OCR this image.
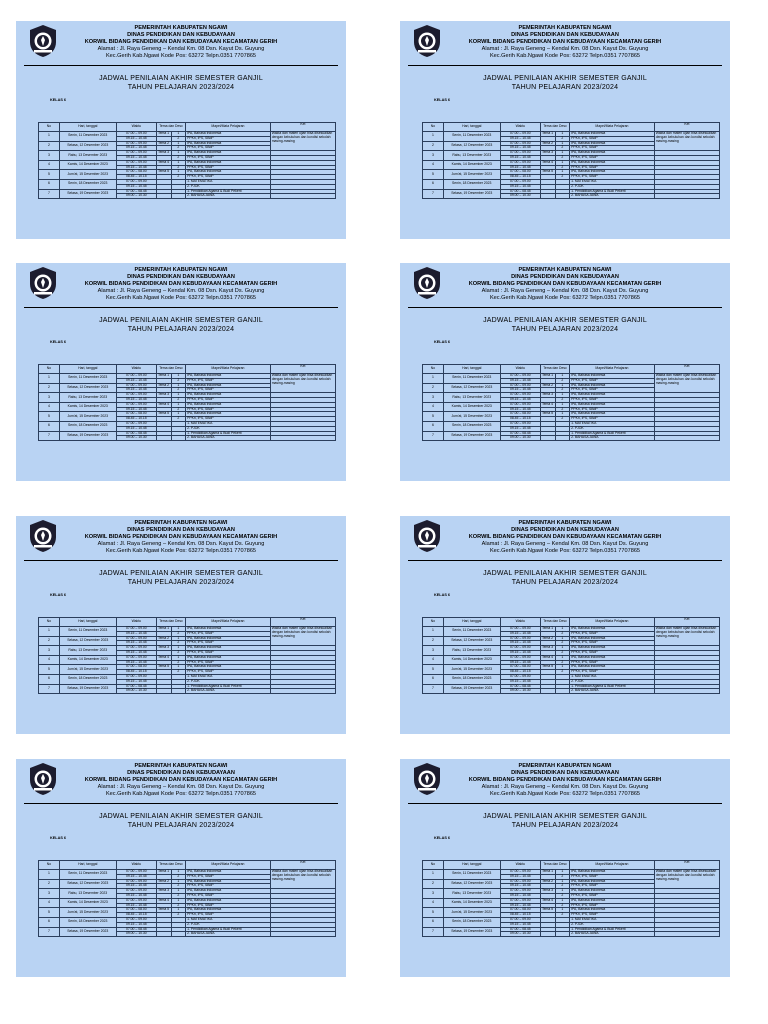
PEMERINTAH KABUPATEN NGAWI
DINAS PENDIDIKAN DAN KEBUDAYAAN
KORWIL BIDANG PENDIDIKAN DAN KEBUDAYAAN KECAMATAN GERIH
Alamat : Jl. Raya Geneng – Kendal Km. 08 Dsn. Kayut Ds. Guyung
Kec.Gerih Kab.Ngawi Kode Pos: 63272 Telpn.0351 7707865
JADWAL PENILAIAN AKHIR SEMESTER GANJIL
TAHUN PELAJARAN 2023/2024
KELAS 6
No	Hari, tanggal	Waktu	Tema dan Desc		Mapel/Mata Pelajaran	Ket
1	Senin, 11 Desember 2023	07.00 – 09.00	Tema 1	1	IPA, Bahasa Indonesia	Wakta dan materi ujian bisa disesuaikan dengan kebutuhan dan kondisi sekolah masing-masing
		09.15 – 10.45		2	PPKn, IPS, SBdP	
2	Selasa, 12 Desember 2023	07.00 – 09.00	Tema 2	1	IPA, Bahasa Indonesia	
		09.15 – 10.45		2	PPKn, IPS, SBdP	
3	Rabu, 13 Desember 2023	07.00 – 09.00	Tema 3	1	IPA, Bahasa Indonesia	
		09.15 – 10.45		2	PPKn, IPS, SBdP	
4	Kamis, 14 Desember 2023	07.00 – 09.00	Tema 4	1	IPA, Bahasa Indonesia	
		09.15 – 10.45		2	PPKn, IPS, SBdP	
5	Jum'at, 15 Desember 2023	07.00 – 08.00	Tema 5	1	IPA, Bahasa Indonesia	
		08.45 – 10.15		2	PPKn, IPS, SBdP	
6	Senin, 18 Desember 2023	07.00 – 09.00			1. MATEMATIKA	
		09.15 – 10.45			2. PJOK	
7	Selasa, 19 Desember 2023	07.00 – 08.45			1. Pendidikan Agama & Budi Pekerti	
		09.00 – 10.30			2. BAHASA JAWA	
PEMERINTAH KABUPATEN NGAWI
DINAS PENDIDIKAN DAN KEBUDAYAAN
KORWIL BIDANG PENDIDIKAN DAN KEBUDAYAAN KECAMATAN GERIH
Alamat : Jl. Raya Geneng – Kendal Km. 08 Dsn. Kayut Ds. Guyung
Kec.Gerih Kab.Ngawi Kode Pos: 63272 Telpn.0351 7707865
JADWAL PENILAIAN AKHIR SEMESTER GANJIL
TAHUN PELAJARAN 2023/2024
KELAS 6
No	Hari, tanggal	Waktu	Tema dan Desc		Mapel/Mata Pelajaran	Ket
1	Senin, 11 Desember 2023	07.00 – 09.00	Tema 1	1	IPA, Bahasa Indonesia	Wakta dan materi ujian bisa disesuaikan dengan kebutuhan dan kondisi sekolah masing-masing
		09.15 – 10.45		2	PPKn, IPS, SBdP	
2	Selasa, 12 Desember 2023	07.00 – 09.00	Tema 2	1	IPA, Bahasa Indonesia	
		09.15 – 10.45		2	PPKn, IPS, SBdP	
3	Rabu, 13 Desember 2023	07.00 – 09.00	Tema 3	1	IPA, Bahasa Indonesia	
		09.15 – 10.45		2	PPKn, IPS, SBdP	
4	Kamis, 14 Desember 2023	07.00 – 09.00	Tema 4	1	IPA, Bahasa Indonesia	
		09.15 – 10.45		2	PPKn, IPS, SBdP	
5	Jum'at, 15 Desember 2023	07.00 – 08.00	Tema 5	1	IPA, Bahasa Indonesia	
		08.45 – 10.15		2	PPKn, IPS, SBdP	
6	Senin, 18 Desember 2023	07.00 – 09.00			1. MATEMATIKA	
		09.15 – 10.45			2. PJOK	
7	Selasa, 19 Desember 2023	07.00 – 08.45			1. Pendidikan Agama & Budi Pekerti	
		09.00 – 10.30			2. BAHASA JAWA	
PEMERINTAH KABUPATEN NGAWI
DINAS PENDIDIKAN DAN KEBUDAYAAN
KORWIL BIDANG PENDIDIKAN DAN KEBUDAYAAN KECAMATAN GERIH
Alamat : Jl. Raya Geneng – Kendal Km. 08 Dsn. Kayut Ds. Guyung
Kec.Gerih Kab.Ngawi Kode Pos: 63272 Telpn.0351 7707865
JADWAL PENILAIAN AKHIR SEMESTER GANJIL
TAHUN PELAJARAN 2023/2024
KELAS 6
No	Hari, tanggal	Waktu	Tema dan Desc		Mapel/Mata Pelajaran	Ket
1	Senin, 11 Desember 2023	07.00 – 09.00	Tema 1	1	IPA, Bahasa Indonesia	Wakta dan materi ujian bisa disesuaikan dengan kebutuhan dan kondisi sekolah masing-masing
		09.15 – 10.45		2	PPKn, IPS, SBdP	
2	Selasa, 12 Desember 2023	07.00 – 09.00	Tema 2	1	IPA, Bahasa Indonesia	
		09.15 – 10.45		2	PPKn, IPS, SBdP	
3	Rabu, 13 Desember 2023	07.00 – 09.00	Tema 3	1	IPA, Bahasa Indonesia	
		09.15 – 10.45		2	PPKn, IPS, SBdP	
4	Kamis, 14 Desember 2023	07.00 – 09.00	Tema 4	1	IPA, Bahasa Indonesia	
		09.15 – 10.45		2	PPKn, IPS, SBdP	
5	Jum'at, 15 Desember 2023	07.00 – 08.00	Tema 5	1	IPA, Bahasa Indonesia	
		08.45 – 10.15		2	PPKn, IPS, SBdP	
6	Senin, 18 Desember 2023	07.00 – 09.00			1. MATEMATIKA	
		09.15 – 10.45			2. PJOK	
7	Selasa, 19 Desember 2023	07.00 – 08.45			1. Pendidikan Agama & Budi Pekerti	
		09.00 – 10.30			2. BAHASA JAWA	
PEMERINTAH KABUPATEN NGAWI
DINAS PENDIDIKAN DAN KEBUDAYAAN
KORWIL BIDANG PENDIDIKAN DAN KEBUDAYAAN KECAMATAN GERIH
Alamat : Jl. Raya Geneng – Kendal Km. 08 Dsn. Kayut Ds. Guyung
Kec.Gerih Kab.Ngawi Kode Pos: 63272 Telpn.0351 7707865
JADWAL PENILAIAN AKHIR SEMESTER GANJIL
TAHUN PELAJARAN 2023/2024
KELAS 6
No	Hari, tanggal	Waktu	Tema dan Desc		Mapel/Mata Pelajaran	Ket
1	Senin, 11 Desember 2023	07.00 – 09.00	Tema 1	1	IPA, Bahasa Indonesia	Wakta dan materi ujian bisa disesuaikan dengan kebutuhan dan kondisi sekolah masing-masing
		09.15 – 10.45		2	PPKn, IPS, SBdP	
2	Selasa, 12 Desember 2023	07.00 – 09.00	Tema 2	1	IPA, Bahasa Indonesia	
		09.15 – 10.45		2	PPKn, IPS, SBdP	
3	Rabu, 13 Desember 2023	07.00 – 09.00	Tema 3	1	IPA, Bahasa Indonesia	
		09.15 – 10.45		2	PPKn, IPS, SBdP	
4	Kamis, 14 Desember 2023	07.00 – 09.00	Tema 4	1	IPA, Bahasa Indonesia	
		09.15 – 10.45		2	PPKn, IPS, SBdP	
5	Jum'at, 15 Desember 2023	07.00 – 08.00	Tema 5	1	IPA, Bahasa Indonesia	
		08.45 – 10.15		2	PPKn, IPS, SBdP	
6	Senin, 18 Desember 2023	07.00 – 09.00			1. MATEMATIKA	
		09.15 – 10.45			2. PJOK	
7	Selasa, 19 Desember 2023	07.00 – 08.45			1. Pendidikan Agama & Budi Pekerti	
		09.00 – 10.30			2. BAHASA JAWA	
PEMERINTAH KABUPATEN NGAWI
DINAS PENDIDIKAN DAN KEBUDAYAAN
KORWIL BIDANG PENDIDIKAN DAN KEBUDAYAAN KECAMATAN GERIH
Alamat : Jl. Raya Geneng – Kendal Km. 08 Dsn. Kayut Ds. Guyung
Kec.Gerih Kab.Ngawi Kode Pos: 63272 Telpn.0351 7707865
JADWAL PENILAIAN AKHIR SEMESTER GANJIL
TAHUN PELAJARAN 2023/2024
KELAS 6
No	Hari, tanggal	Waktu	Tema dan Desc		Mapel/Mata Pelajaran	Ket
1	Senin, 11 Desember 2023	07.00 – 09.00	Tema 1	1	IPA, Bahasa Indonesia	Wakta dan materi ujian bisa disesuaikan dengan kebutuhan dan kondisi sekolah masing-masing
		09.15 – 10.45		2	PPKn, IPS, SBdP	
2	Selasa, 12 Desember 2023	07.00 – 09.00	Tema 2	1	IPA, Bahasa Indonesia	
		09.15 – 10.45		2	PPKn, IPS, SBdP	
3	Rabu, 13 Desember 2023	07.00 – 09.00	Tema 3	1	IPA, Bahasa Indonesia	
		09.15 – 10.45		2	PPKn, IPS, SBdP	
4	Kamis, 14 Desember 2023	07.00 – 09.00	Tema 4	1	IPA, Bahasa Indonesia	
		09.15 – 10.45		2	PPKn, IPS, SBdP	
5	Jum'at, 15 Desember 2023	07.00 – 08.00	Tema 5	1	IPA, Bahasa Indonesia	
		08.45 – 10.15		2	PPKn, IPS, SBdP	
6	Senin, 18 Desember 2023	07.00 – 09.00			1. MATEMATIKA	
		09.15 – 10.45			2. PJOK	
7	Selasa, 19 Desember 2023	07.00 – 08.45			1. Pendidikan Agama & Budi Pekerti	
		09.00 – 10.30			2. BAHASA JAWA	
PEMERINTAH KABUPATEN NGAWI
DINAS PENDIDIKAN DAN KEBUDAYAAN
KORWIL BIDANG PENDIDIKAN DAN KEBUDAYAAN KECAMATAN GERIH
Alamat : Jl. Raya Geneng – Kendal Km. 08 Dsn. Kayut Ds. Guyung
Kec.Gerih Kab.Ngawi Kode Pos: 63272 Telpn.0351 7707865
JADWAL PENILAIAN AKHIR SEMESTER GANJIL
TAHUN PELAJARAN 2023/2024
KELAS 6
No	Hari, tanggal	Waktu	Tema dan Desc		Mapel/Mata Pelajaran	Ket
1	Senin, 11 Desember 2023	07.00 – 09.00	Tema 1	1	IPA, Bahasa Indonesia	Wakta dan materi ujian bisa disesuaikan dengan kebutuhan dan kondisi sekolah masing-masing
		09.15 – 10.45		2	PPKn, IPS, SBdP	
2	Selasa, 12 Desember 2023	07.00 – 09.00	Tema 2	1	IPA, Bahasa Indonesia	
		09.15 – 10.45		2	PPKn, IPS, SBdP	
3	Rabu, 13 Desember 2023	07.00 – 09.00	Tema 3	1	IPA, Bahasa Indonesia	
		09.15 – 10.45		2	PPKn, IPS, SBdP	
4	Kamis, 14 Desember 2023	07.00 – 09.00	Tema 4	1	IPA, Bahasa Indonesia	
		09.15 – 10.45		2	PPKn, IPS, SBdP	
5	Jum'at, 15 Desember 2023	07.00 – 08.00	Tema 5	1	IPA, Bahasa Indonesia	
		08.45 – 10.15		2	PPKn, IPS, SBdP	
6	Senin, 18 Desember 2023	07.00 – 09.00			1. MATEMATIKA	
		09.15 – 10.45			2. PJOK	
7	Selasa, 19 Desember 2023	07.00 – 08.45			1. Pendidikan Agama & Budi Pekerti	
		09.00 – 10.30			2. BAHASA JAWA	
PEMERINTAH KABUPATEN NGAWI
DINAS PENDIDIKAN DAN KEBUDAYAAN
KORWIL BIDANG PENDIDIKAN DAN KEBUDAYAAN KECAMATAN GERIH
Alamat : Jl. Raya Geneng – Kendal Km. 08 Dsn. Kayut Ds. Guyung
Kec.Gerih Kab.Ngawi Kode Pos: 63272 Telpn.0351 7707865
JADWAL PENILAIAN AKHIR SEMESTER GANJIL
TAHUN PELAJARAN 2023/2024
KELAS 6
No	Hari, tanggal	Waktu	Tema dan Desc		Mapel/Mata Pelajaran	Ket
1	Senin, 11 Desember 2023	07.00 – 09.00	Tema 1	1	IPA, Bahasa Indonesia	Wakta dan materi ujian bisa disesuaikan dengan kebutuhan dan kondisi sekolah masing-masing
		09.15 – 10.45		2	PPKn, IPS, SBdP	
2	Selasa, 12 Desember 2023	07.00 – 09.00	Tema 2	1	IPA, Bahasa Indonesia	
		09.15 – 10.45		2	PPKn, IPS, SBdP	
3	Rabu, 13 Desember 2023	07.00 – 09.00	Tema 3	1	IPA, Bahasa Indonesia	
		09.15 – 10.45		2	PPKn, IPS, SBdP	
4	Kamis, 14 Desember 2023	07.00 – 09.00	Tema 4	1	IPA, Bahasa Indonesia	
		09.15 – 10.45		2	PPKn, IPS, SBdP	
5	Jum'at, 15 Desember 2023	07.00 – 08.00	Tema 5	1	IPA, Bahasa Indonesia	
		08.45 – 10.15		2	PPKn, IPS, SBdP	
6	Senin, 18 Desember 2023	07.00 – 09.00			1. MATEMATIKA	
		09.15 – 10.45			2. PJOK	
7	Selasa, 19 Desember 2023	07.00 – 08.45			1. Pendidikan Agama & Budi Pekerti	
		09.00 – 10.30			2. BAHASA JAWA	
PEMERINTAH KABUPATEN NGAWI
DINAS PENDIDIKAN DAN KEBUDAYAAN
KORWIL BIDANG PENDIDIKAN DAN KEBUDAYAAN KECAMATAN GERIH
Alamat : Jl. Raya Geneng – Kendal Km. 08 Dsn. Kayut Ds. Guyung
Kec.Gerih Kab.Ngawi Kode Pos: 63272 Telpn.0351 7707865
JADWAL PENILAIAN AKHIR SEMESTER GANJIL
TAHUN PELAJARAN 2023/2024
KELAS 6
No	Hari, tanggal	Waktu	Tema dan Desc		Mapel/Mata Pelajaran	Ket
1	Senin, 11 Desember 2023	07.00 – 09.00	Tema 1	1	IPA, Bahasa Indonesia	Wakta dan materi ujian bisa disesuaikan dengan kebutuhan dan kondisi sekolah masing-masing
		09.15 – 10.45		2	PPKn, IPS, SBdP	
2	Selasa, 12 Desember 2023	07.00 – 09.00	Tema 2	1	IPA, Bahasa Indonesia	
		09.15 – 10.45		2	PPKn, IPS, SBdP	
3	Rabu, 13 Desember 2023	07.00 – 09.00	Tema 3	1	IPA, Bahasa Indonesia	
		09.15 – 10.45		2	PPKn, IPS, SBdP	
4	Kamis, 14 Desember 2023	07.00 – 09.00	Tema 4	1	IPA, Bahasa Indonesia	
		09.15 – 10.45		2	PPKn, IPS, SBdP	
5	Jum'at, 15 Desember 2023	07.00 – 08.00	Tema 5	1	IPA, Bahasa Indonesia	
		08.45 – 10.15		2	PPKn, IPS, SBdP	
6	Senin, 18 Desember 2023	07.00 – 09.00			1. MATEMATIKA	
		09.15 – 10.45			2. PJOK	
7	Selasa, 19 Desember 2023	07.00 – 08.45			1. Pendidikan Agama & Budi Pekerti	
		09.00 – 10.30			2. BAHASA JAWA	
